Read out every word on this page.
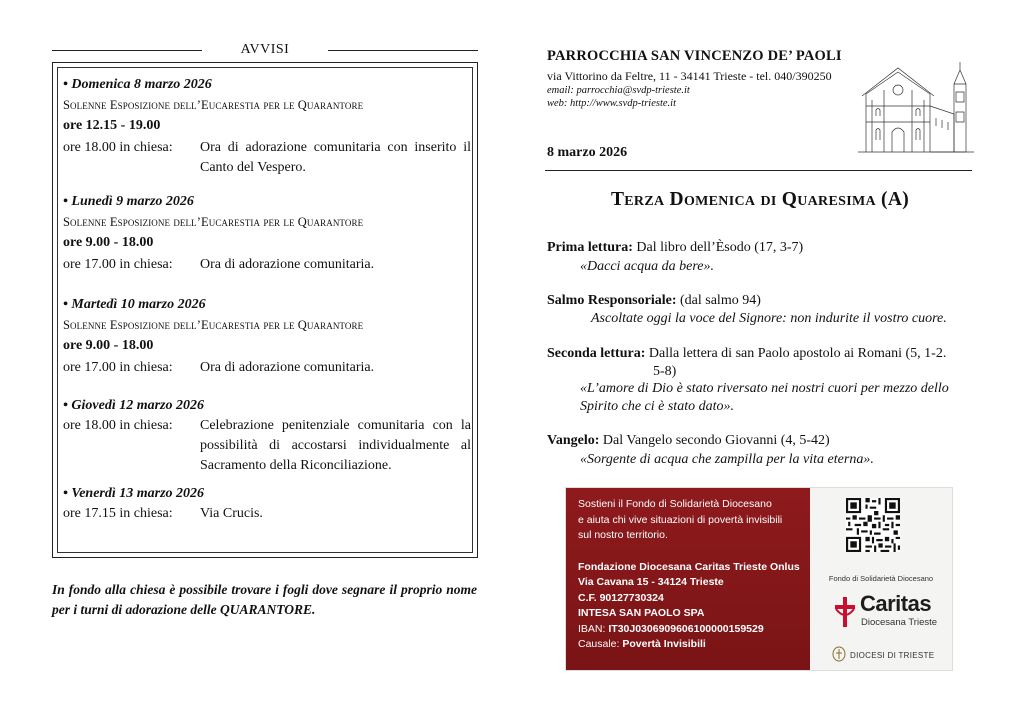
AVVISI
• Domenica 8 marzo 2026
Solenne Esposizione dell’Eucarestia per le Quarantore
ore 12.15 - 19.00
ore 18.00 in chiesa:	Ora di adorazione comunitaria con inserito il Canto del Vespero.
• Lunedì 9 marzo 2026
Solenne Esposizione dell’Eucarestia per le Quarantore
ore 9.00 - 18.00
ore 17.00 in chiesa:	Ora di adorazione comunitaria.
• Martedì 10 marzo 2026
Solenne Esposizione dell’Eucarestia per le Quarantore
ore 9.00 - 18.00
ore 17.00 in chiesa:	Ora di adorazione comunitaria.
• Giovedì 12 marzo 2026
ore 18.00 in chiesa:	Celebrazione penitenziale comunitaria con la possibilità di accostarsi individualmente al Sacramento della Riconciliazione.
• Venerdì 13 marzo 2026
ore 17.15 in chiesa:	Via Crucis.
In fondo alla chiesa è possibile trovare i fogli dove segnare il proprio nome per i turni di adorazione delle QUARANTORE.
PARROCCHIA SAN VINCENZO DE’ PAOLI
via Vittorino da Feltre, 11 - 34141 Trieste - tel. 040/390250
email: parrocchia@svdp-trieste.it
web: http://www.svdp-trieste.it
8 marzo 2026
Terza Domenica di Quaresima (A)
Prima lettura: Dal libro dell’Èsodo (17, 3-7)
«Dacci acqua da bere».
Salmo Responsoriale: (dal salmo 94)
Ascoltate oggi la voce del Signore: non indurite il vostro cuore.
Seconda lettura: Dalla lettera di san Paolo apostolo ai Romani (5, 1-2.
5-8)
«L’amore di Dio è stato riversato nei nostri cuori per mezzo dello
Spirito che ci è stato dato».
Vangelo: Dal Vangelo secondo Giovanni (4, 5-42)
«Sorgente di acqua che zampilla per la vita eterna».
Sostieni il Fondo di Solidarietà Diocesano
e aiuta chi vive situazioni di povertà invisibili
sul nostro territorio.
Fondazione Diocesana Caritas Trieste Onlus
Via Cavana 15 - 34124 Trieste
C.F. 90127730324
INTESA SAN PAOLO SPA
IBAN: IT30J0306909606100000159529
Causale: Povertà Invisibili
Fondo di Solidarietà Diocesano
Caritas
Diocesana Trieste
DIOCESI DI TRIESTE
